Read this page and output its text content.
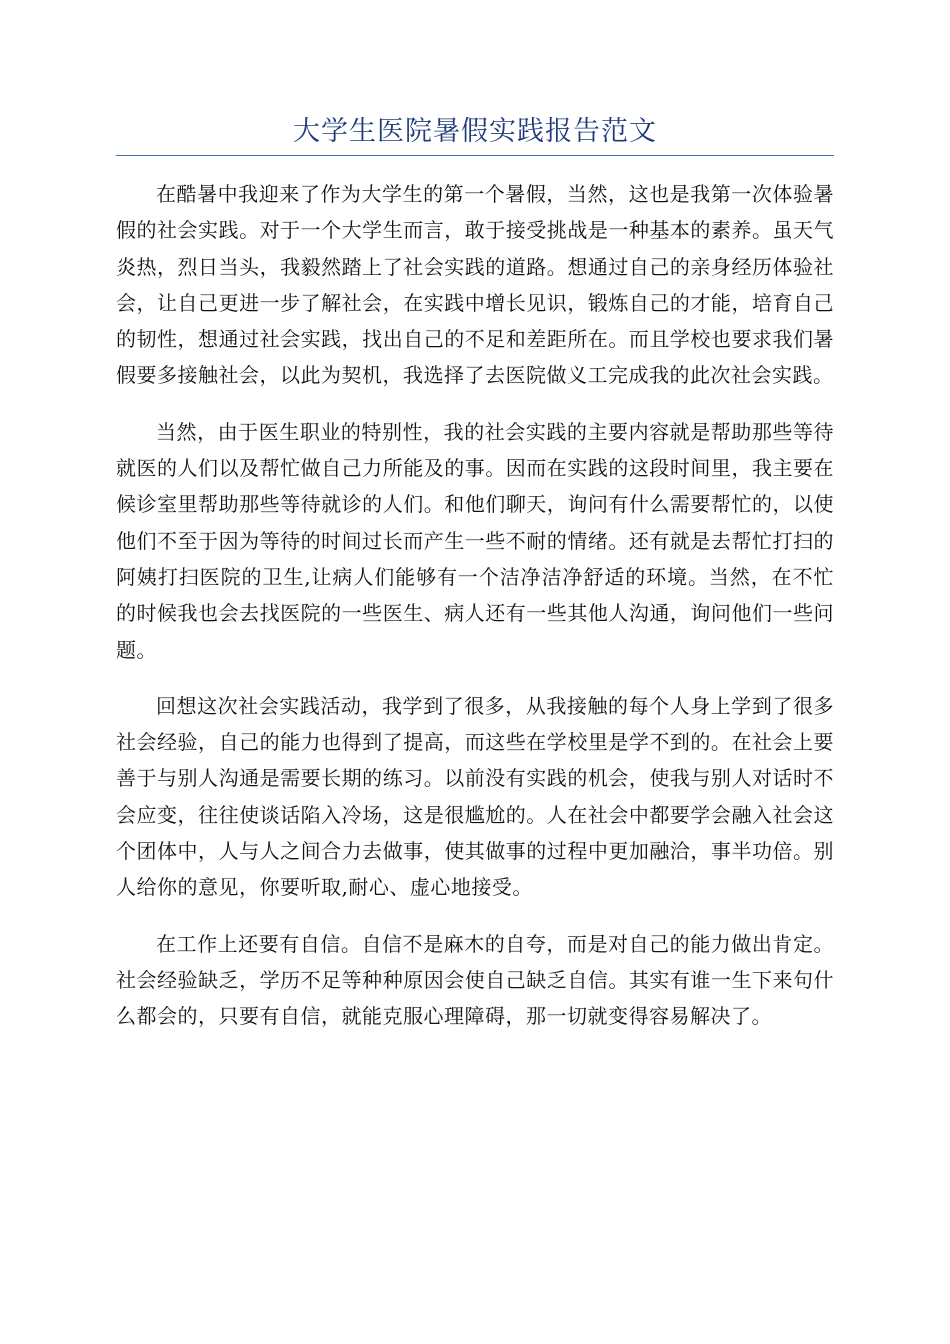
大学生医院暑假实践报告范文

在酷暑中我迎来了作为大学生的第一个暑假，当然，这也是我第一次体验暑假的社会实践。对于一个大学生而言，敢于接受挑战是一种基本的素养。虽天气炎热，烈日当头，我毅然踏上了社会实践的道路。想通过自己的亲身经历体验社会，让自己更进一步了解社会，在实践中增长见识，锻炼自己的才能，培育自己的韧性，想通过社会实践，找出自己的不足和差距所在。而且学校也要求我们暑假要多接触社会，以此为契机，我选择了去医院做义工完成我的此次社会实践。

当然，由于医生职业的特别性，我的社会实践的主要内容就是帮助那些等待就医的人们以及帮忙做自己力所能及的事。因而在实践的这段时间里，我主要在候诊室里帮助那些等待就诊的人们。和他们聊天，询问有什么需要帮忙的，以使他们不至于因为等待的时间过长而产生一些不耐的情绪。还有就是去帮忙打扫的阿姨打扫医院的卫生,让病人们能够有一个洁净洁净舒适的环境。当然，在不忙的时候我也会去找医院的一些医生、病人还有一些其他人沟通，询问他们一些问题。

回想这次社会实践活动，我学到了很多，从我接触的每个人身上学到了很多社会经验，自己的能力也得到了提高，而这些在学校里是学不到的。在社会上要善于与别人沟通是需要长期的练习。以前没有实践的机会，使我与别人对话时不会应变，往往使谈话陷入冷场，这是很尴尬的。人在社会中都要学会融入社会这个团体中，人与人之间合力去做事，使其做事的过程中更加融洽，事半功倍。别人给你的意见，你要听取,耐心、虚心地接受。

在工作上还要有自信。自信不是麻木的自夸，而是对自己的能力做出肯定。社会经验缺乏，学历不足等种种原因会使自己缺乏自信。其实有谁一生下来句什么都会的，只要有自信，就能克服心理障碍，那一切就变得容易解决了。
